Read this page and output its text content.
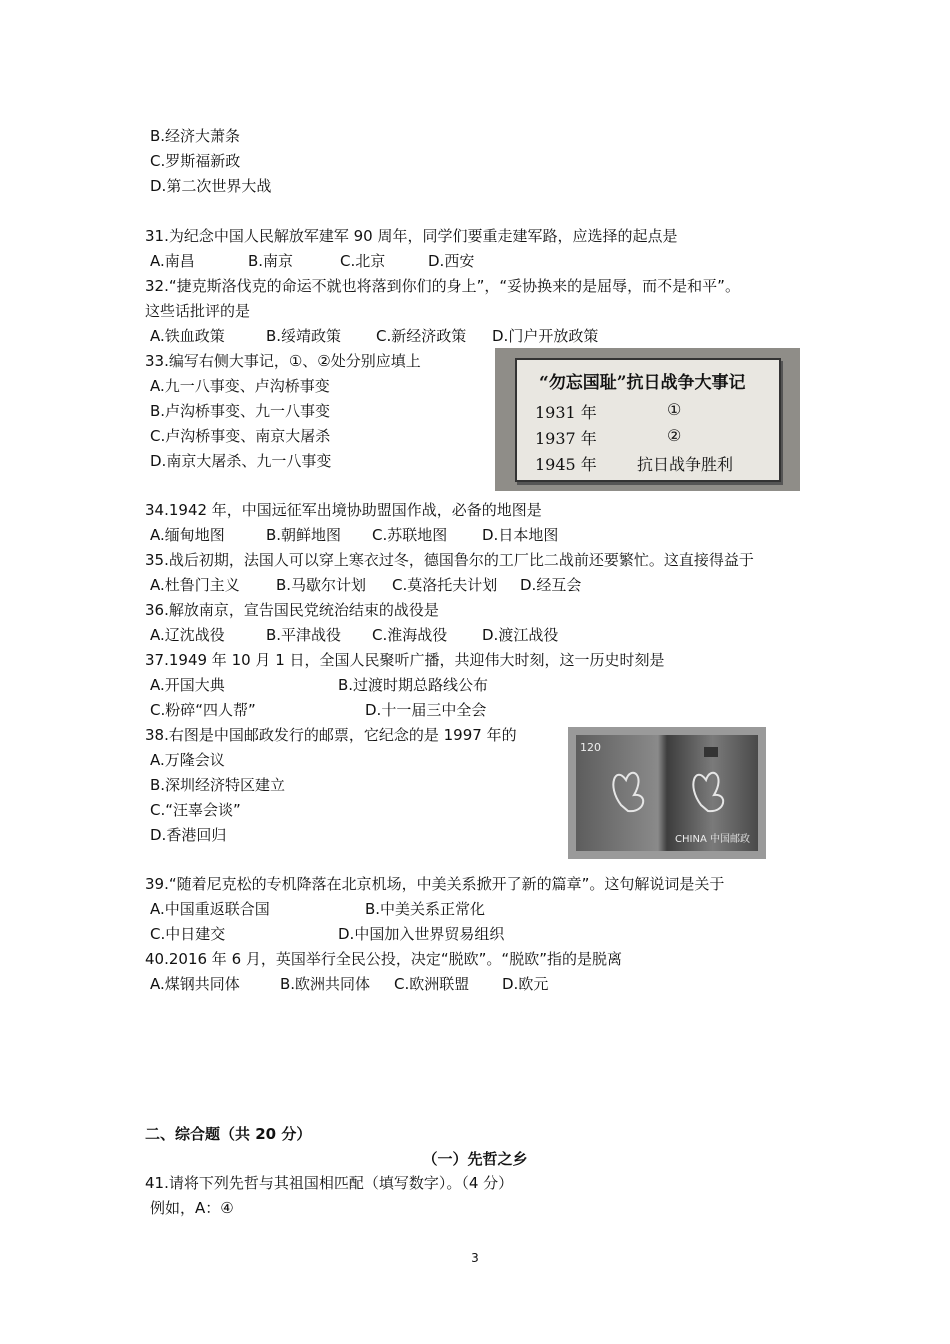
B.经济大萧条
C.罗斯福新政
D.第二次世界大战
31.为纪念中国人民解放军建军 90 周年，同学们要重走建军路，应选择的起点是
A.南昌	B.南京	C.北京	D.西安
32.“捷克斯洛伐克的命运不就也将落到你们的身上”，“妥协换来的是屈辱，而不是和平”。
这些话批评的是
A.铁血政策	B.绥靖政策 C.新经济政策 D.门户开放政策
33.编写右侧大事记，①、②处分别应填上
A.九一八事变、卢沟桥事变
B.卢沟桥事变、九一八事变
C.卢沟桥事变、南京大屠杀
D.南京大屠杀、九一八事变
“勿忘国耻”抗日战争大事记
1931 年	①
1937 年	②
1945 年	抗日战争胜利
34.1942 年，中国远征军出境协助盟国作战，必备的地图是
A.缅甸地图	B.朝鲜地图 C.苏联地图 D.日本地图
35.战后初期，法国人可以穿上寒衣过冬，德国鲁尔的工厂比二战前还要繁忙。这直接得益于
A.杜鲁门主义 B.马歇尔计划 C.莫洛托夫计划 D.经互会
36.解放南京，宣告国民党统治结束的战役是
A.辽沈战役	B.平津战役 C.淮海战役 D.渡江战役
37.1949 年 10 月 1 日，全国人民聚听广播，共迎伟大时刻，这一历史时刻是
A.开国大典	B.过渡时期总路线公布
C.粉碎“四人帮”	D.十一届三中全会
38.右图是中国邮政发行的邮票，它纪念的是 1997 年的
A.万隆会议
B.深圳经济特区建立
C.“汪辜会谈”
D.香港回归
120
CHINA 中国邮政
39.“随着尼克松的专机降落在北京机场，中美关系掀开了新的篇章”。这句解说词是关于
A.中国重返联合国	B.中美关系正常化
C.中日建交	D.中国加入世界贸易组织
40.2016 年 6 月，英国举行全民公投，决定“脱欧”。“脱欧”指的是脱离
A.煤钢共同体	B.欧洲共同体 C.欧洲联盟 D.欧元
二、综合题（共 20 分）
（一）先哲之乡
41.请将下列先哲与其祖国相匹配（填写数字）。（4 分）
例如，A：④
3
